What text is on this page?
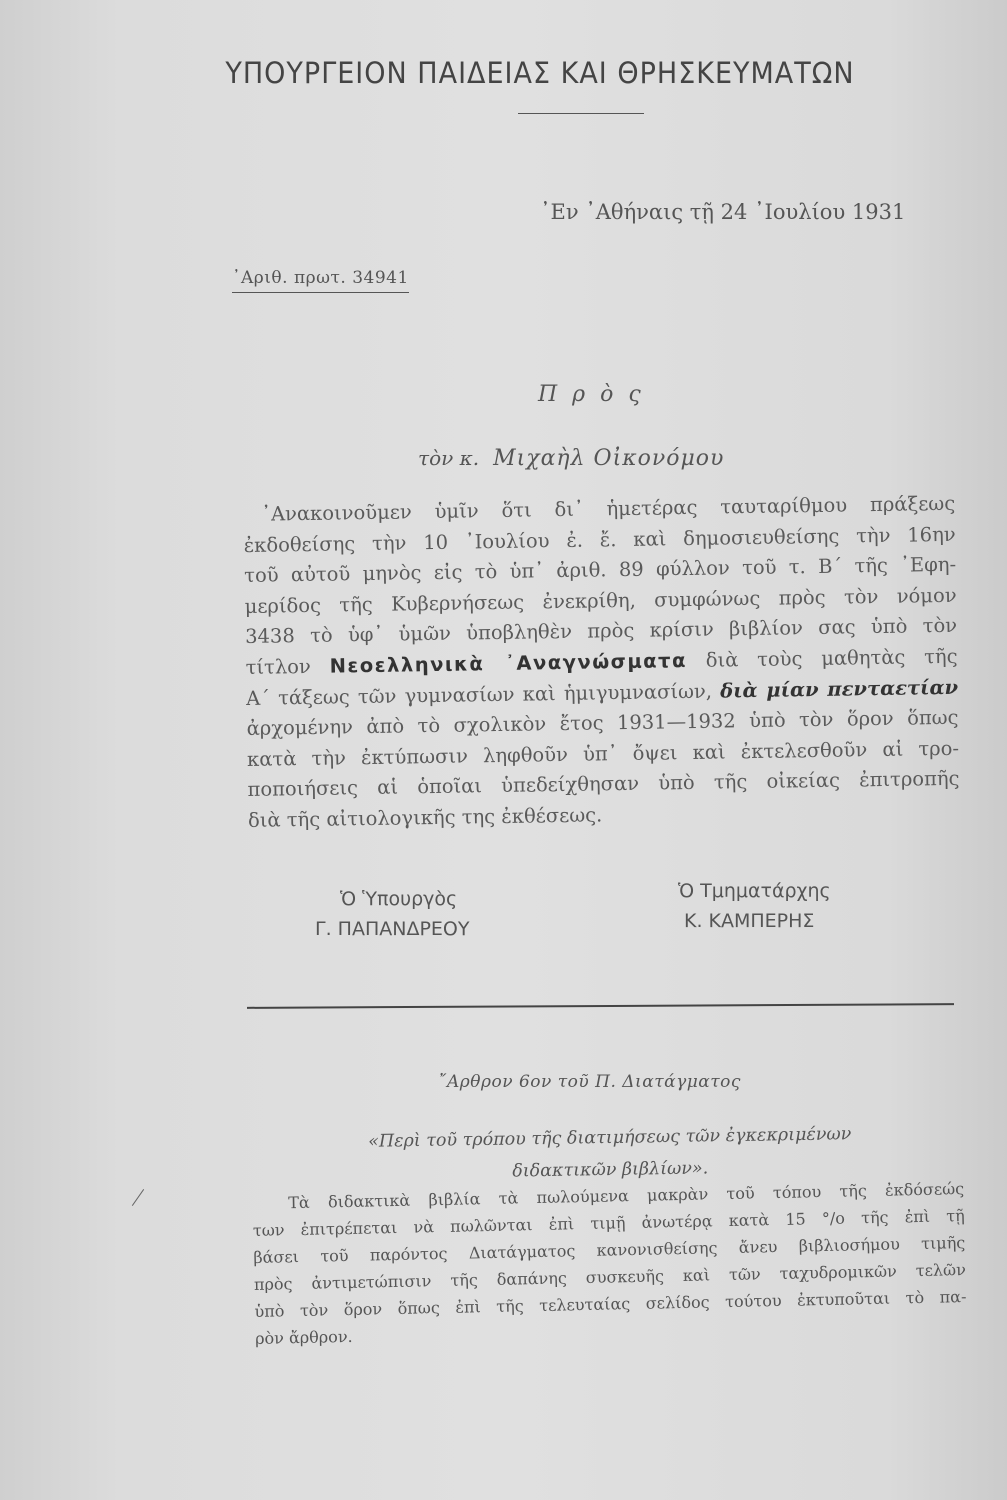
ΥΠΟΥΡΓΕΙΟΝ ΠΑΙΔΕΙΑΣ ΚΑΙ ΘΡΗΣΚΕΥΜΑΤΩΝ
᾿Εν ᾿Αθήναις τῇ 24 ᾿Ιουλίου 1931
᾿Αριθ. πρωτ. 34941
Π ρ ὸ ς
τὸν κ. Μιχαὴλ Οἰκονόμου
᾿Ανακοινοῦμεν ὑμῖν ὅτι δι᾿ ἡμετέρας ταυταρίθμου πράξεως
ἐκδοθείσης τὴν 10 ᾿Ιουλίου ἐ. ἔ. καὶ δημοσιευθείσης τὴν 16ην
τοῦ αὐτοῦ μηνὸς εἰς τὸ ὑπ᾿ ἀριθ. 89 φύλλον τοῦ τ. Β΄ τῆς ᾿Εφη-
μερίδος τῆς Κυβερνήσεως ἐνεκρίθη, συμφώνως πρὸς τὸν νόμον
3438 τὸ ὑφ᾿ ὑμῶν ὑποβληθὲν πρὸς κρίσιν βιβλίον σας ὑπὸ τὸν
τίτλον Νεοελληνικὰ ᾿Αναγνώσματα διὰ τοὺς μαθητὰς τῆς
Α΄ τάξεως τῶν γυμνασίων καὶ ἡμιγυμνασίων, διὰ μίαν πενταετίαν
ἀρχομένην ἀπὸ τὸ σχολικὸν ἔτος 1931—1932 ὑπὸ τὸν ὅρον ὅπως
κατὰ τὴν ἐκτύπωσιν ληφθοῦν ὑπ᾿ ὄψει καὶ ἐκτελεσθοῦν αἱ τρο-
ποποιήσεις αἱ ὁποῖαι ὑπεδείχθησαν ὑπὸ τῆς οἰκείας ἐπιτροπῆς
διὰ τῆς αἰτιολογικῆς της ἐκθέσεως.
Ὁ Ὑπουργὸς
Γ. ΠΑΠΑΝΔΡΕΟΥ
Ὁ Τμηματάρχης
Κ. ΚΑΜΠΕΡΗΣ
῎Αρθρον 6ον τοῦ Π. Διατάγματος
«Περὶ τοῦ τρόπου τῆς διατιμήσεως τῶν ἐγκεκριμένων
διδακτικῶν βιβλίων».
Τὰ διδακτικὰ βιβλία τὰ πωλούμενα μακρὰν τοῦ τόπου τῆς ἐκδόσεώς
των ἐπιτρέπεται νὰ πωλῶνται ἐπὶ τιμῇ ἀνωτέρᾳ κατὰ 15 °/ο τῆς ἐπὶ τῇ
βάσει τοῦ παρόντος Διατάγματος κανονισθείσης ἄνευ βιβλιοσήμου τιμῆς
πρὸς ἀντιμετώπισιν τῆς δαπάνης συσκευῆς καὶ τῶν ταχυδρομικῶν τελῶν
ὑπὸ τὸν ὅρον ὅπως ἐπὶ τῆς τελευταίας σελίδος τούτου ἐκτυποῦται τὸ πα-
ρὸν ἄρθρον.
